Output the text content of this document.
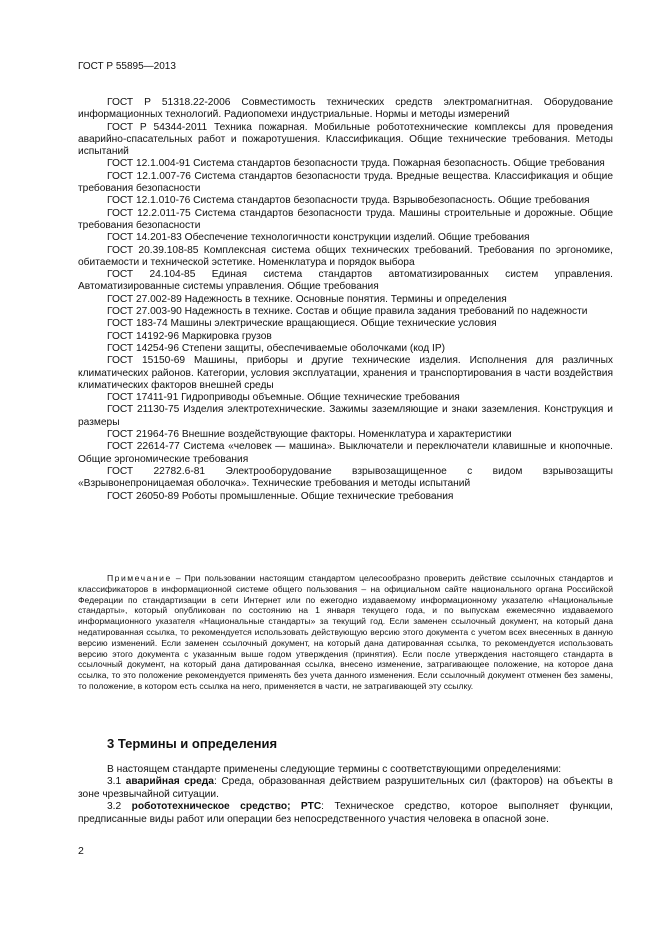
ГОСТ Р 55895—2013

ГОСТ Р 51318.22-2006 Совместимость технических средств электромагнитная. Оборудование информационных технологий. Радиопомехи индустриальные. Нормы и методы измерений

ГОСТ Р 54344-2011 Техника пожарная. Мобильные робототехнические комплексы для проведения аварийно-спасательных работ и пожаротушения. Классификация. Общие технические требования. Методы испытаний

ГОСТ 12.1.004-91 Система стандартов безопасности труда. Пожарная безопасность. Общие требования

ГОСТ 12.1.007-76 Система стандартов безопасности труда. Вредные вещества. Классификация и общие требования безопасности

ГОСТ 12.1.010-76 Система стандартов безопасности труда. Взрывобезопасность. Общие требования

ГОСТ 12.2.011-75 Система стандартов безопасности труда. Машины строительные и дорожные. Общие требования безопасности

ГОСТ 14.201-83 Обеспечение технологичности конструкции изделий. Общие требования

ГОСТ 20.39.108-85 Комплексная система общих технических требований. Требования по эргономике, обитаемости и технической эстетике. Номенклатура и порядок выбора

ГОСТ 24.104-85 Единая система стандартов автоматизированных систем управления. Автоматизированные системы управления. Общие требования

ГОСТ 27.002-89 Надежность в технике. Основные понятия. Термины и определения

ГОСТ 27.003-90 Надежность в технике. Состав и общие правила задания требований по надежности

ГОСТ 183-74 Машины электрические вращающиеся. Общие технические условия

ГОСТ 14192-96 Маркировка грузов

ГОСТ 14254-96 Степени защиты, обеспечиваемые оболочками (код IP)

ГОСТ 15150-69 Машины, приборы и другие технические изделия. Исполнения для различных климатических районов. Категории, условия эксплуатации, хранения и транспортирования в части воздействия климатических факторов внешней среды

ГОСТ 17411-91 Гидроприводы объемные. Общие технические требования

ГОСТ 21130-75 Изделия электротехнические. Зажимы заземляющие и знаки заземления. Конструкция и размеры

ГОСТ 21964-76 Внешние воздействующие факторы. Номенклатура и характеристики

ГОСТ 22614-77 Система «человек — машина». Выключатели и переключатели клавишные и кнопочные. Общие эргономические требования

ГОСТ 22782.6-81 Электрооборудование взрывозащищенное с видом взрывозащиты «Взрывонепроницаемая оболочка». Технические требования и методы испытаний

ГОСТ 26050-89 Роботы промышленные. Общие технические требования

Примечание – При пользовании настоящим стандартом целесообразно проверить действие ссылочных стандартов и классификаторов в информационной системе общего пользования – на официальном сайте национального органа Российской Федерации по стандартизации в сети Интернет или по ежегодно издаваемому информационному указателю «Национальные стандарты», который опубликован по состоянию на 1 января текущего года, и по выпускам ежемесячно издаваемого информационного указателя «Национальные стандарты» за текущий год. Если заменен ссылочный документ, на который дана недатированная ссылка, то рекомендуется использовать действующую версию этого документа с учетом всех внесенных в данную версию изменений. Если заменен ссылочный документ, на который дана датированная ссылка, то рекомендуется использовать версию этого документа с указанным выше годом утверждения (принятия). Если после утверждения настоящего стандарта в ссылочный документ, на который дана датированная ссылка, внесено изменение, затрагивающее положение, на которое дана ссылка, то это положение рекомендуется применять без учета данного изменения. Если ссылочный документ отменен без замены, то положение, в котором есть ссылка на него, применяется в части, не затрагивающей эту ссылку.

3 Термины и определения

В настоящем стандарте применены следующие термины с соответствующими определениями:

3.1 аварийная среда: Среда, образованная действием разрушительных сил (факторов) на объекты в зоне чрезвычайной ситуации.

3.2 робототехническое средство; РТС: Техническое средство, которое выполняет функции, предписанные виды работ или операции без непосредственного участия человека в опасной зоне.

2
